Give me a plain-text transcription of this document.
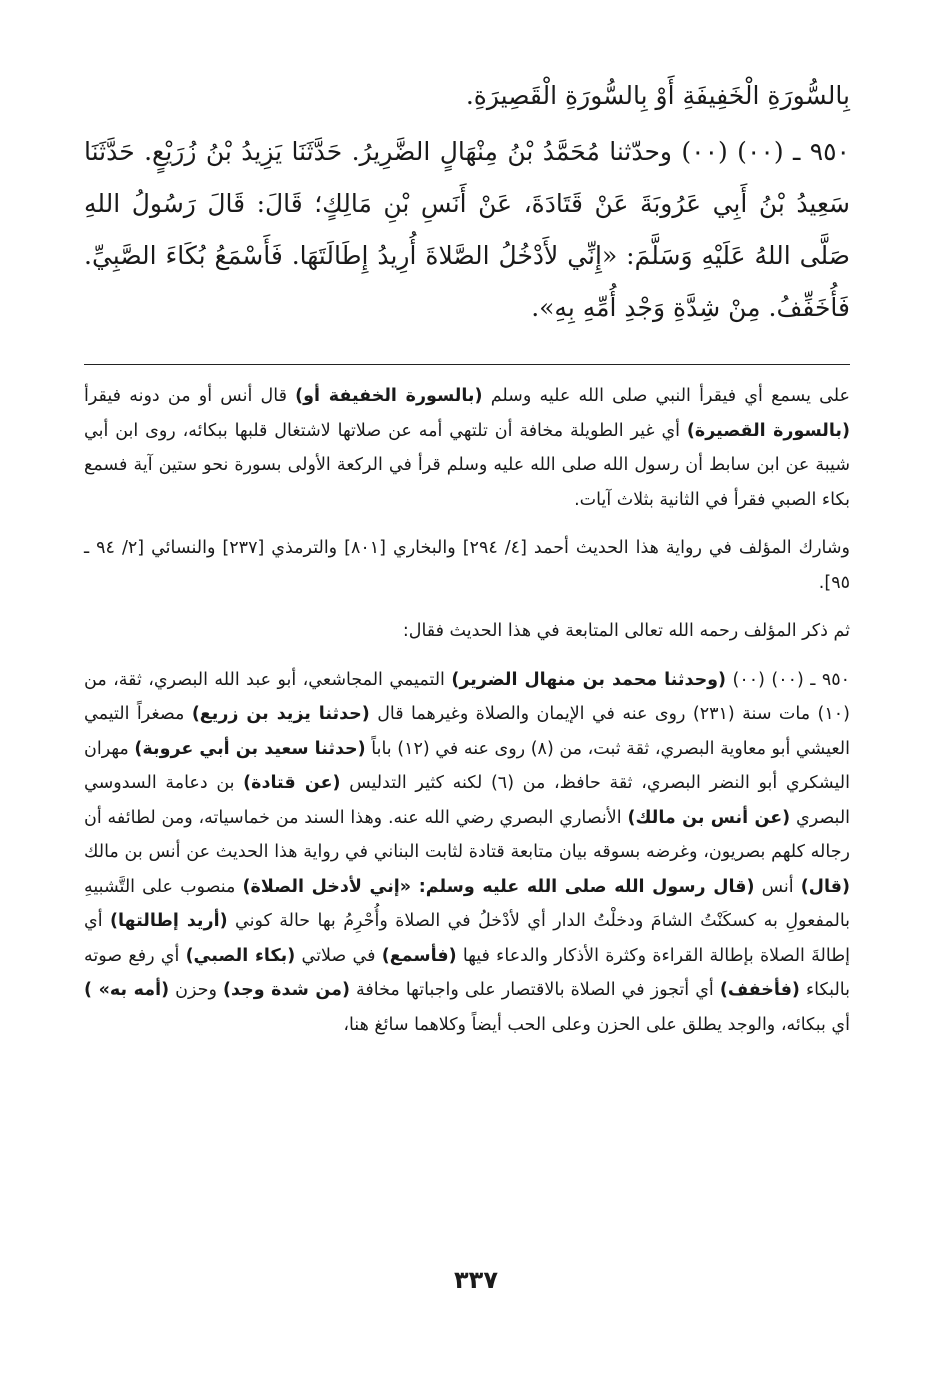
بِالسُّورَةِ الْخَفِيفَةِ أَوْ بِالسُّورَةِ الْقَصِيرَةِ.

٩٥٠ ـ (٠٠) (٠٠) وحدّثنا مُحَمَّدُ بْنُ مِنْهَالٍ الضَّرِيرُ. حَدَّثَنَا يَزِيدُ بْنُ زُرَيْعٍ. حَدَّثَنَا سَعِيدُ بْنُ أَبِي عَرُوبَةَ عَنْ قَتَادَةَ، عَنْ أَنَسِ بْنِ مَالِكٍ؛ قَالَ: قَالَ رَسُولُ اللهِ صَلَّى اللهُ عَلَيْهِ وَسَلَّمَ: «إِنِّي لأَدْخُلُ الصَّلاةَ أُرِيدُ إِطَالَتَهَا. فَأَسْمَعُ بُكَاءَ الصَّبِيِّ. فَأُخَفِّفُ. مِنْ شِدَّةِ وَجْدِ أُمِّهِ بِهِ».

على يسمع أي فيقرأ النبي صلى الله عليه وسلم (بالسورة الخفيفة أو) قال أنس أو من دونه فيقرأ (بالسورة القصيرة) أي غير الطويلة مخافة أن تلتهي أمه عن صلاتها لاشتغال قلبها ببكائه، روى ابن أبي شيبة عن ابن سابط أن رسول الله صلى الله عليه وسلم قرأ في الركعة الأولى بسورة نحو ستين آية فسمع بكاء الصبي فقرأ في الثانية بثلاث آيات.

وشارك المؤلف في رواية هذا الحديث أحمد [٤/ ٢٩٤] والبخاري [٨٠١] والترمذي [٢٣٧] والنسائي [٢/ ٩٤ ـ ٩٥].

ثم ذكر المؤلف رحمه الله تعالى المتابعة في هذا الحديث فقال:

٩٥٠ ـ (٠٠) (٠٠) (وحدثنا محمد بن منهال الضرير) التميمي المجاشعي، أبو عبد الله البصري، ثقة، من (١٠) مات سنة (٢٣١) روى عنه في الإيمان والصلاة وغيرهما قال (حدثنا يزيد بن زريع) مصغراً التيمي العيشي أبو معاوية البصري، ثقة ثبت، من (٨) روى عنه في (١٢) باباً (حدثنا سعيد بن أبي عروبة) مهران اليشكري أبو النضر البصري، ثقة حافظ، من (٦) لكنه كثير التدليس (عن قتادة) بن دعامة السدوسي البصري (عن أنس بن مالك) الأنصاري البصري رضي الله عنه. وهذا السند من خماسياته، ومن لطائفه أن رجاله كلهم بصريون، وغرضه بسوقه بيان متابعة قتادة لثابت البناني في رواية هذا الحديث عن أنس بن مالك (قال) أنس (قال رسول الله صلى الله عليه وسلم: «إني لأدخل الصلاة) منصوب على التَّشبيهِ بالمفعولِ به كسكَنْتُ الشامَ ودخلْتُ الدار أي لأدْخلُ في الصلاة وأُحْرِمُ بها حالة كوني (أريد إطالتها) أي إطالةَ الصلاة بإطالة القراءة وكثرة الأذكار والدعاء فيها (فأسمع) في صلاتي (بكاء الصبي) أي رفع صوته بالبكاء (فأخفف) أي أتجوز في الصلاة بالاقتصار على واجباتها مخافة (من شدة وجد) وحزن (أمه به» ) أي ببكائه، والوجد يطلق على الحزن وعلى الحب أيضاً وكلاهما سائغ هنا،

٣٣٧
